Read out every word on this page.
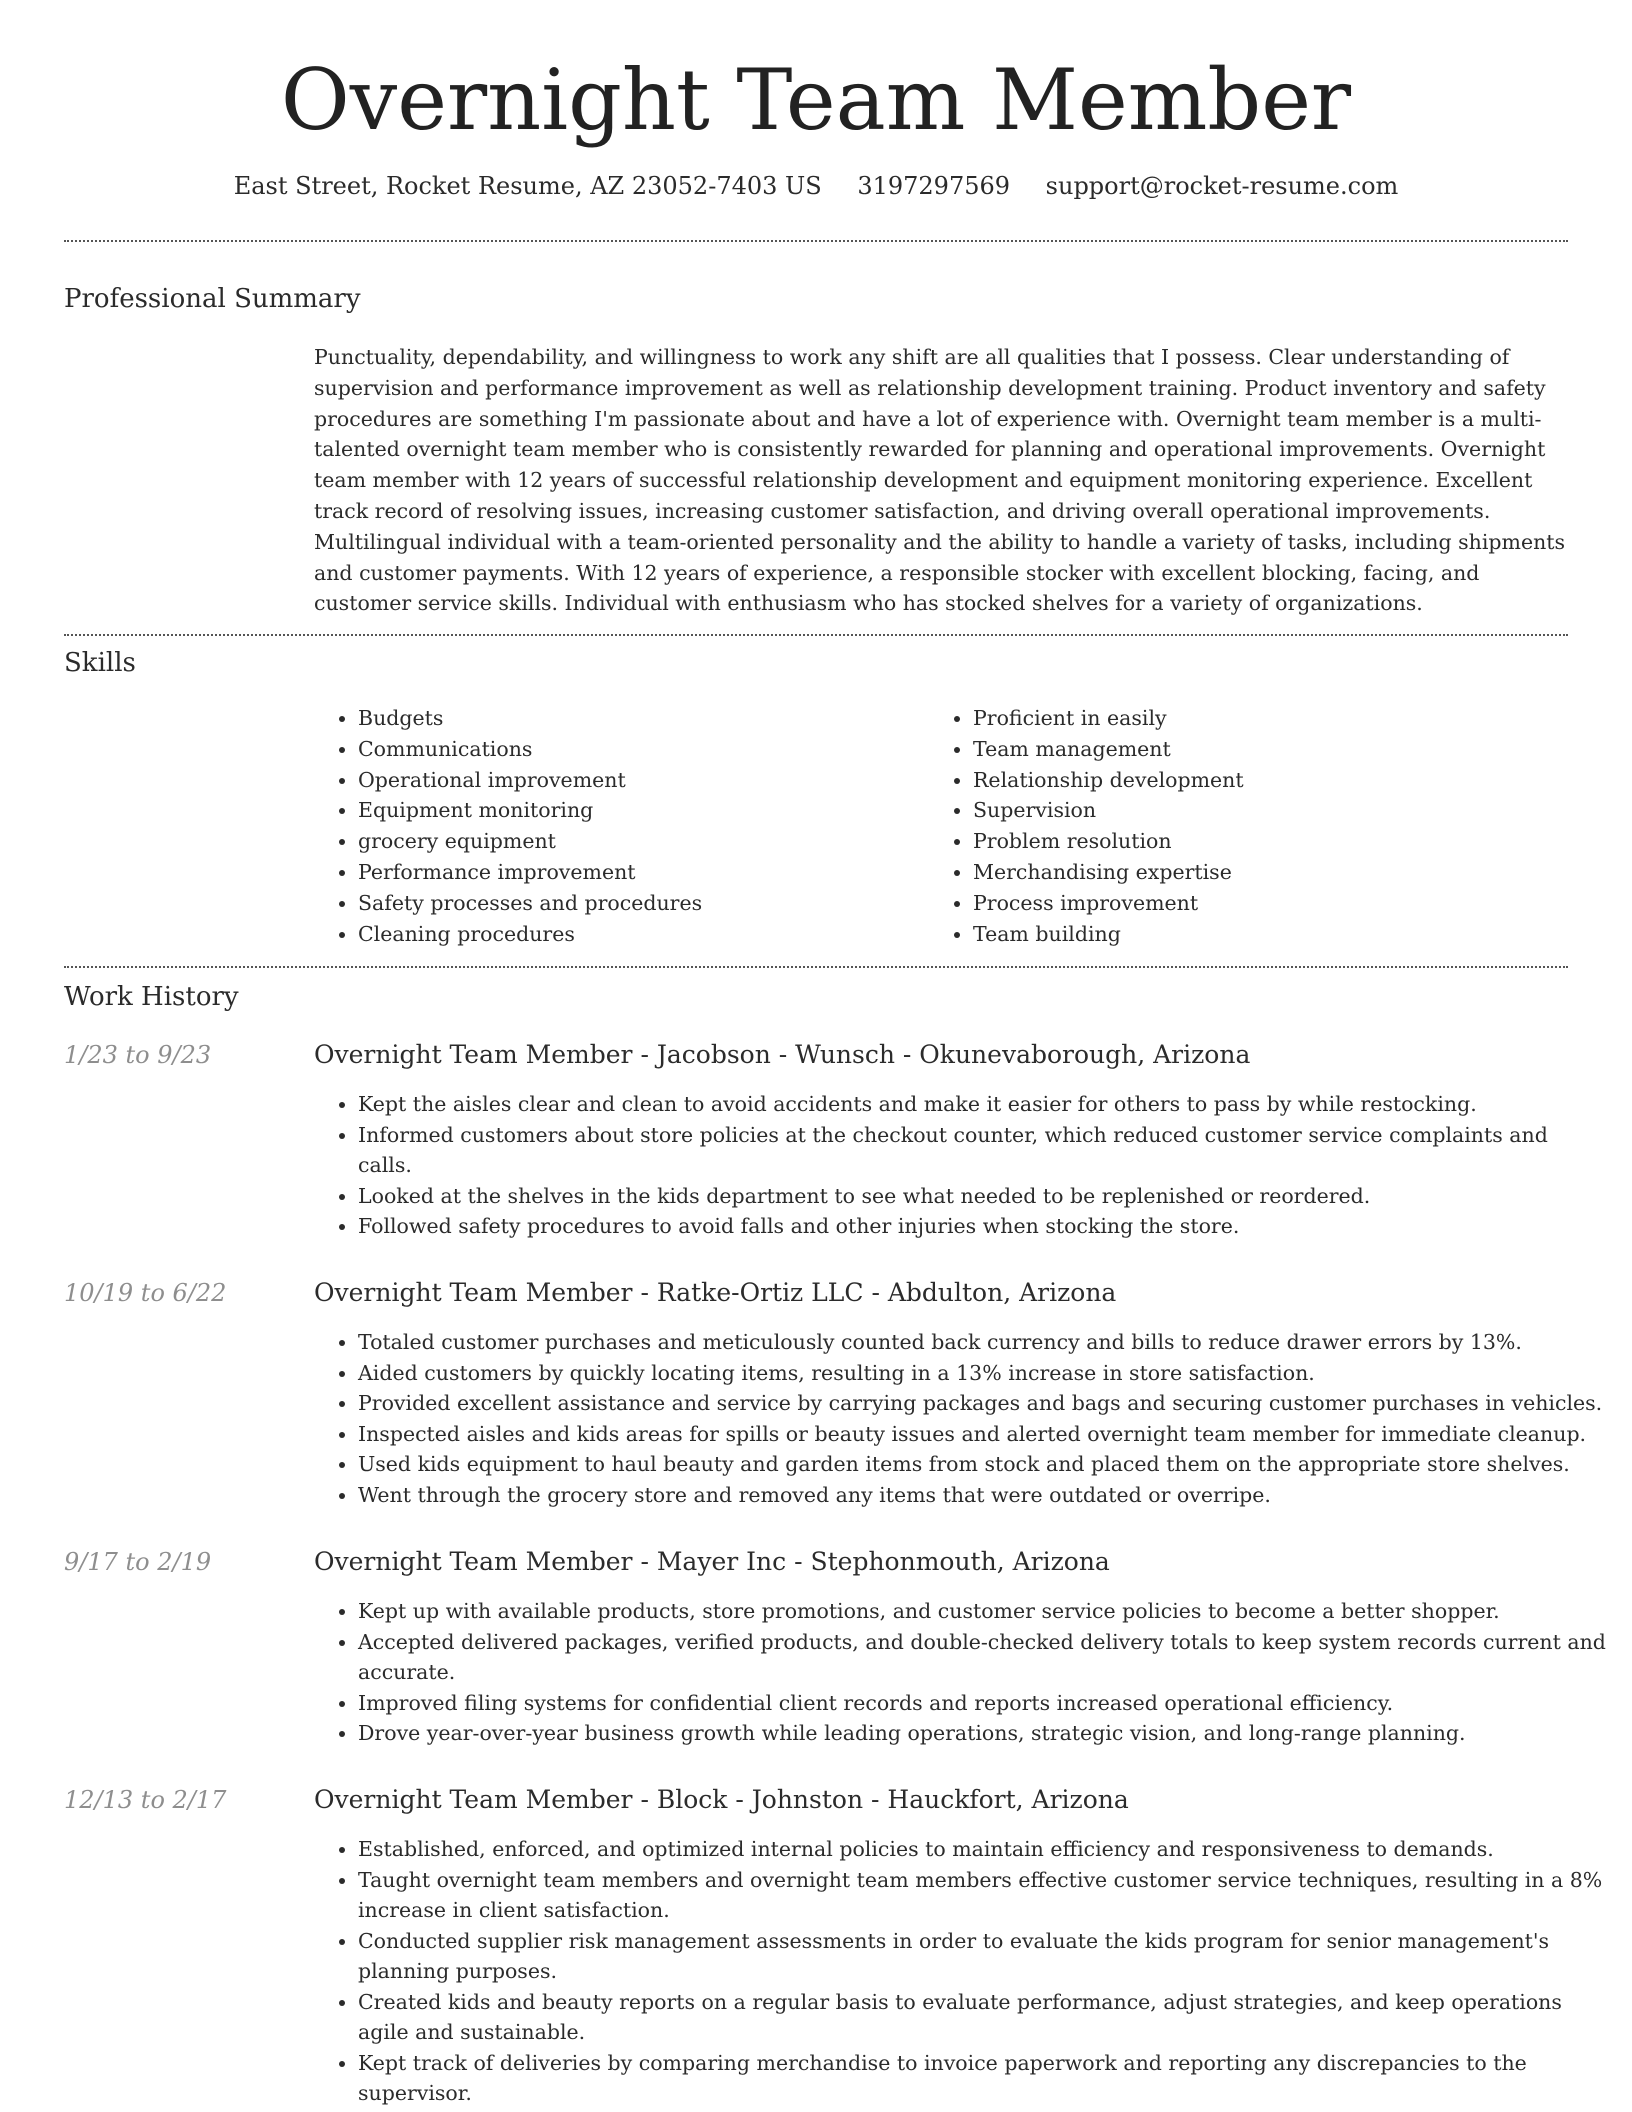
Overnight Team Member
East Street, Rocket Resume, AZ 23052-7403 US 3197297569 support@rocket-resume.com
Professional Summary

Punctuality, dependability, and willingness to work any shift are all qualities that I possess. Clear understanding of supervision and performance improvement as well as relationship development training. Product inventory and safety procedures are something I'm passionate about and have a lot of experience with. Overnight team member is a multi-talented overnight team member who is consistently rewarded for planning and operational improvements. Overnight team member with 12 years of successful relationship development and equipment monitoring experience. Excellent track record of resolving issues, increasing customer satisfaction, and driving overall operational improvements. Multilingual individual with a team-oriented personality and the ability to handle a variety of tasks, including shipments and customer payments. With 12 years of experience, a responsible stocker with excellent blocking, facing, and customer service skills. Individual with enthusiasm who has stocked shelves for a variety of organizations.

Skills
• Budgets
• Communications
• Operational improvement
• Equipment monitoring
• grocery equipment
• Performance improvement
• Safety processes and procedures
• Cleaning procedures
• Proficient in easily
• Team management
• Relationship development
• Supervision
• Problem resolution
• Merchandising expertise
• Process improvement
• Team building
Work History
1/23 to 9/23	Overnight Team Member - Jacobson - Wunsch - Okunevaborough, Arizona
• Kept the aisles clear and clean to avoid accidents and make it easier for others to pass by while restocking.
• Informed customers about store policies at the checkout counter, which reduced customer service complaints and calls.
• Looked at the shelves in the kids department to see what needed to be replenished or reordered.
• Followed safety procedures to avoid falls and other injuries when stocking the store.
10/19 to 6/22	Overnight Team Member - Ratke-Ortiz LLC - Abdulton, Arizona
• Totaled customer purchases and meticulously counted back currency and bills to reduce drawer errors by 13%.
• Aided customers by quickly locating items, resulting in a 13% increase in store satisfaction.
• Provided excellent assistance and service by carrying packages and bags and securing customer purchases in vehicles.
• Inspected aisles and kids areas for spills or beauty issues and alerted overnight team member for immediate cleanup.
• Used kids equipment to haul beauty and garden items from stock and placed them on the appropriate store shelves.
• Went through the grocery store and removed any items that were outdated or overripe.
9/17 to 2/19	Overnight Team Member - Mayer Inc - Stephonmouth, Arizona
• Kept up with available products, store promotions, and customer service policies to become a better shopper.
• Accepted delivered packages, verified products, and double-checked delivery totals to keep system records current and accurate.
• Improved filing systems for confidential client records and reports increased operational efficiency.
• Drove year-over-year business growth while leading operations, strategic vision, and long-range planning.
12/13 to 2/17	Overnight Team Member - Block - Johnston - Hauckfort, Arizona
• Established, enforced, and optimized internal policies to maintain efficiency and responsiveness to demands.
• Taught overnight team members and overnight team members effective customer service techniques, resulting in a 8% increase in client satisfaction.
• Conducted supplier risk management assessments in order to evaluate the kids program for senior management's planning purposes.
• Created kids and beauty reports on a regular basis to evaluate performance, adjust strategies, and keep operations agile and sustainable.
• Kept track of deliveries by comparing merchandise to invoice paperwork and reporting any discrepancies to the supervisor.
